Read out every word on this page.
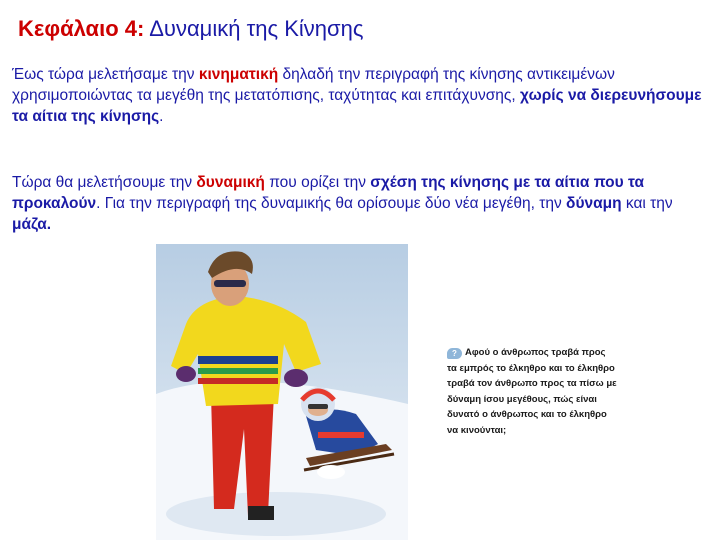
Κεφάλαιο 4: Δυναμική της Κίνησης
Έως τώρα μελετήσαμε την κινηματική δηλαδή την περιγραφή της κίνησης αντικειμένων χρησιμοποιώντας τα μεγέθη της μετατόπισης, ταχύτητας και επιτάχυνσης, χωρίς να διερευνήσουμε τα αίτια της κίνησης.
Τώρα θα μελετήσουμε την δυναμική που ορίζει την σχέση της κίνησης με τα αίτια που τα προκαλούν. Για την περιγραφή της δυναμικής θα ορίσουμε δύο νέα μεγέθη, την δύναμη και την μάζα.
? Αφού ο άνθρωπος τραβά προς τα εμπρός το έλκηθρο και το έλκηθρο τραβά τον άνθρωπο προς τα πίσω με δύναμη ίσου μεγέθους, πώς είναι δυνατό ο άνθρωπος και το έλκηθρο να κινούνται;
